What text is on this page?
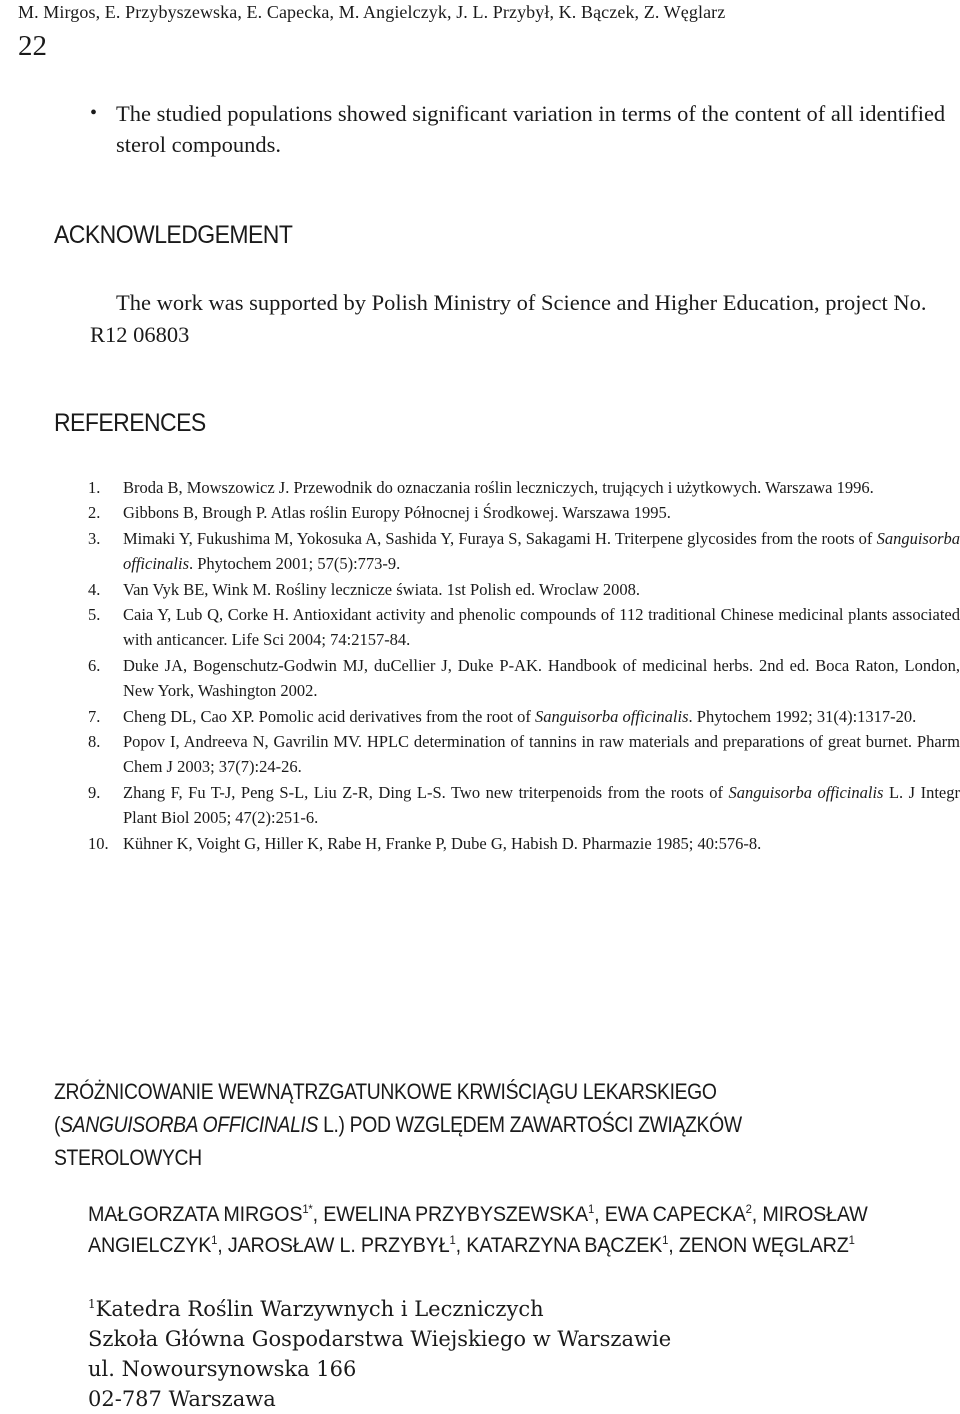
M. Mirgos, E. Przybyszewska, E. Capecka, M. Angielczyk, J. L. Przybył, K. Bączek, Z. Węglarz
22
• The studied populations showed significant variation in terms of the content of all identified sterol compounds.
ACKNOWLEDGEMENT
The work was supported by Polish Ministry of Science and Higher Education, project No. R12 06803
REFERENCES
1.	Broda B, Mowszowicz J. Przewodnik do oznaczania roślin leczniczych, trujących i użytkowych. Warszawa 1996.
2.	Gibbons B, Brough P. Atlas roślin Europy Północnej i Środkowej. Warszawa 1995.
3.	Mimaki Y, Fukushima M, Yokosuka A, Sashida Y, Furaya S, Sakagami H. Triterpene glycosides from the roots of Sanguisorba officinalis. Phytochem 2001; 57(5):773-9.
4.	Van Vyk BE, Wink M. Rośliny lecznicze świata. 1st Polish ed. Wroclaw 2008.
5.	Caia Y, Lub Q, Corke H. Antioxidant activity and phenolic compounds of 112 traditional Chinese medicinal plants associated with anticancer. Life Sci 2004; 74:2157-84.
6.	Duke JA, Bogenschutz-Godwin MJ, duCellier J, Duke P-AK. Handbook of medicinal herbs. 2nd ed. Boca Raton, London, New York, Washington 2002.
7.	Cheng DL, Cao XP. Pomolic acid derivatives from the root of Sanguisorba officinalis. Phytochem 1992; 31(4):1317-20.
8.	Popov I, Andreeva N, Gavrilin MV. HPLC determination of tannins in raw materials and preparations of great burnet. Pharm Chem J 2003; 37(7):24-26.
9.	Zhang F, Fu T-J, Peng S-L, Liu Z-R, Ding L-S. Two new triterpenoids from the roots of Sanguisorba officinalis L. J Integr Plant Biol 2005; 47(2):251-6.
10. Kühner K, Voight G, Hiller K, Rabe H, Franke P, Dube G, Habish D. Pharmazie 1985; 40:576-8.
ZRÓŻNICOWANIE WEWNĄTRZGATUNKOWE KRWIŚCIĄGU LEKARSKIEGO (SANGUISORBA OFFICINALIS L.) POD WZGLĘDEM ZAWARTOŚCI ZWIĄZKÓW STEROLOWYCH
MAŁGORZATA $MIRGOS^{1*}$, EWELINA PRZYBYSZEWSKA$^1$, EWA CAPECKA$^2$, MIROSŁAW ANGIELCZYK$^1$, JAROSŁAW L. PRZYBYŁ$^1$, KATARZYNA BĄCZEK$^1$, ZENON WĘGLARZ$^1$
$^1$Katedra Roślin Warzywnych i Leczniczych
Szkoła Główna Gospodarstwa Wiejskiego w Warszawie
ul. Nowoursynowska 166
02-787 Warszawa
